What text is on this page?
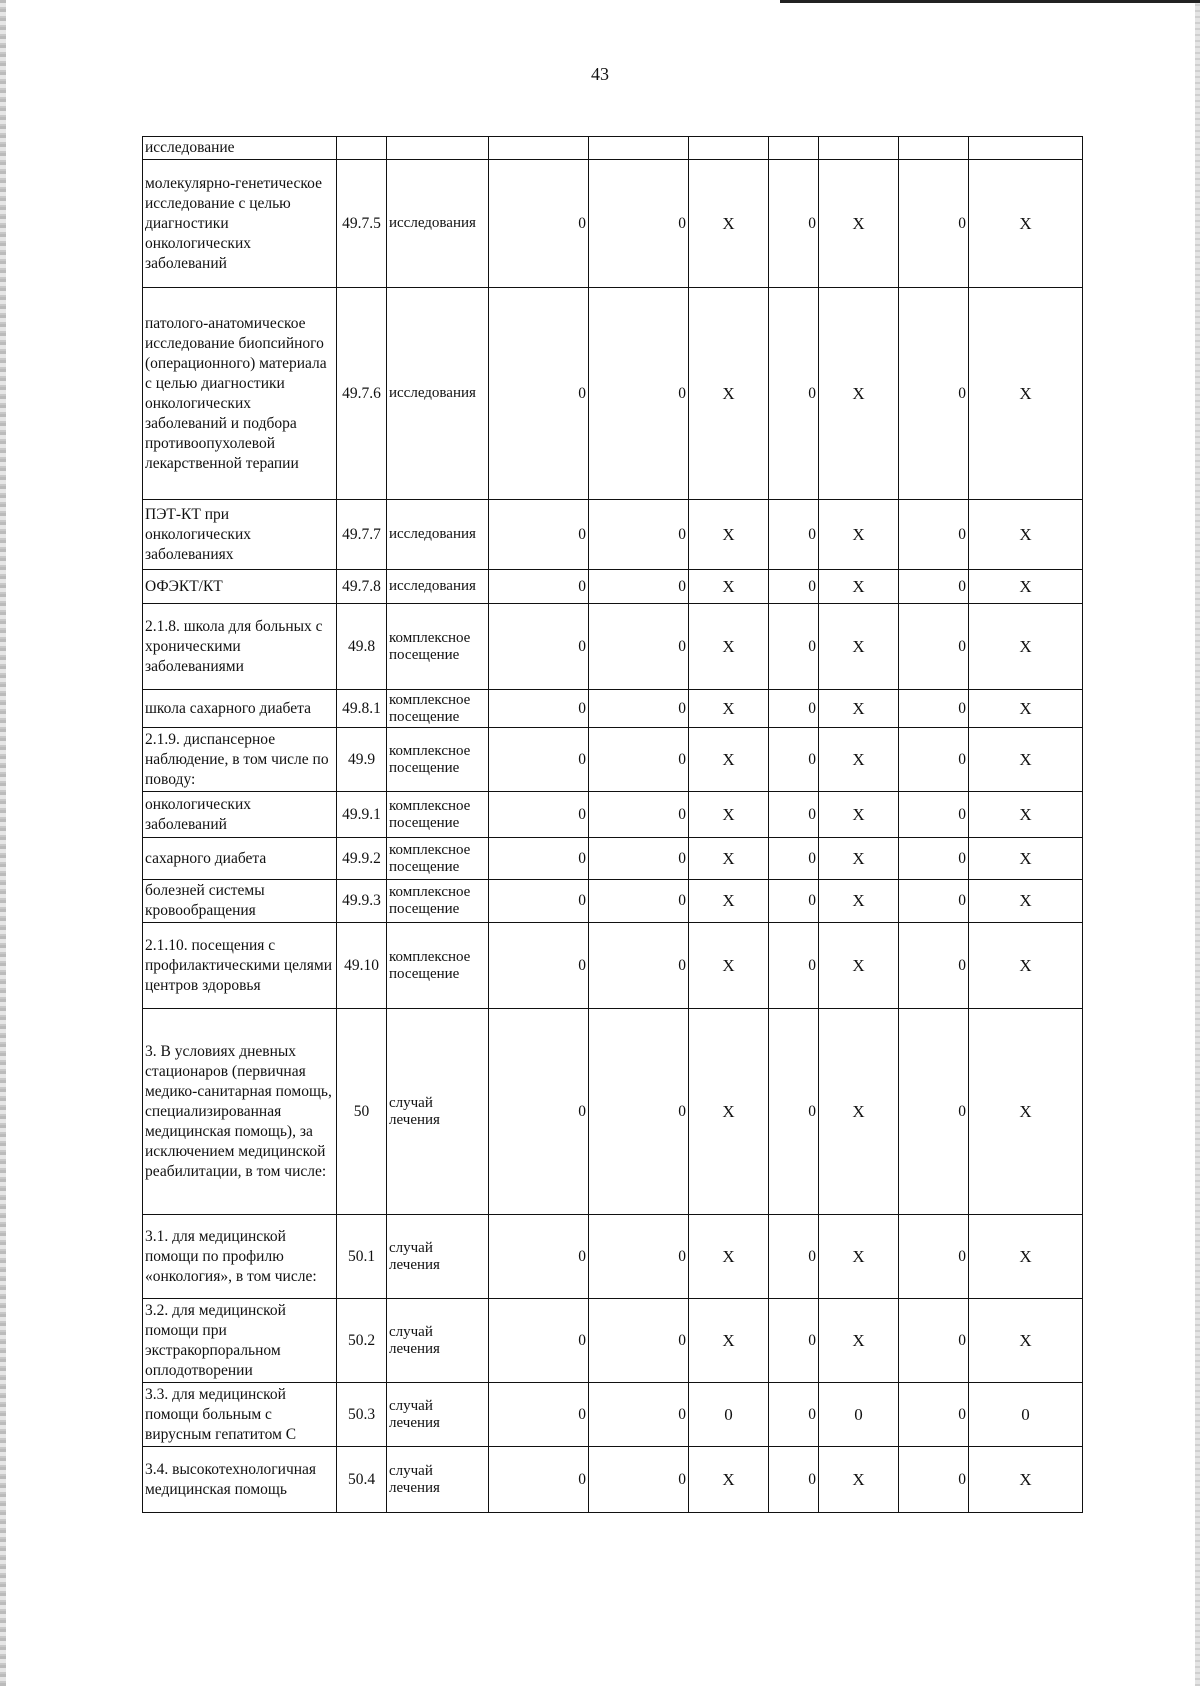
43
исследование									
молекулярно-генетическое исследование с целью диагностики онкологических заболеваний	49.7.5	исследования	0	0	X	0	X	0	X
патолого-анатомическое исследование биопсийного (операционного) материала с целью диагностики онкологических заболеваний и подбора противоопухолевой лекарственной терапии	49.7.6	исследования	0	0	X	0	X	0	X
ПЭТ-КТ при онкологических заболеваниях	49.7.7	исследования	0	0	X	0	X	0	X
ОФЭКТ/КТ	49.7.8	исследования	0	0	X	0	X	0	X
2.1.8. школа для больных с хроническими заболеваниями	49.8	комплексное посещение	0	0	X	0	X	0	X
школа сахарного диабета	49.8.1	комплексное посещение	0	0	X	0	X	0	X
2.1.9. диспансерное наблюдение, в том числе по поводу:	49.9	комплексное посещение	0	0	X	0	X	0	X
онкологических заболеваний	49.9.1	комплексное посещение	0	0	X	0	X	0	X
сахарного диабета	49.9.2	комплексное посещение	0	0	X	0	X	0	X
болезней системы кровообращения	49.9.3	комплексное посещение	0	0	X	0	X	0	X
2.1.10. посещения с профилактическими целями центров здоровья	49.10	комплексное посещение	0	0	X	0	X	0	X
3. В условиях дневных стационаров (первичная медико-санитарная помощь, специализированная медицинская помощь), за исключением медицинской реабилитации, в том числе:	50	случай лечения	0	0	X	0	X	0	X
3.1. для медицинской помощи по профилю «онкология», в том числе:	50.1	случай лечения	0	0	X	0	X	0	X
3.2. для медицинской помощи при экстракорпоральном оплодотворении	50.2	случай лечения	0	0	X	0	X	0	X
3.3. для медицинской помощи больным с вирусным гепатитом С	50.3	случай лечения	0	0	0	0	0	0	0
3.4. высокотехнологичная медицинская помощь	50.4	случай лечения	0	0	X	0	X	0	X
